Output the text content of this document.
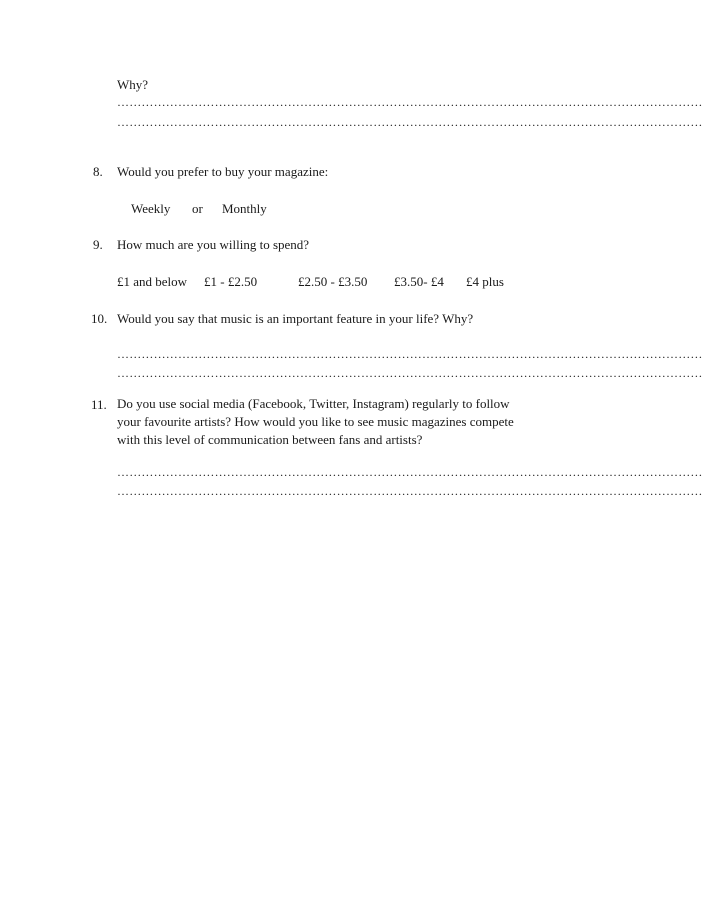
Why?
………………………………………………………………………………………………………………………………
………………………………………………………………………………………………………………………………
8. Would you prefer to buy your magazine:
Weekly or Monthly
9. How much are you willing to spend?
£1 and below £1 - £2.50	£2.50 - £3.50 £3.50- £4 £4 plus
10. Would you say that music is an important feature in your life? Why?
………………………………………………………………………………………………………………………………
………………………………………………………………………………………………………………………………
11. Do you use social media (Facebook, Twitter, Instagram) regularly to follow
your favourite artists? How would you like to see music magazines compete
with this level of communication between fans and artists?
………………………………………………………………………………………………………………………………
………………………………………………………………………………………………………………………………
